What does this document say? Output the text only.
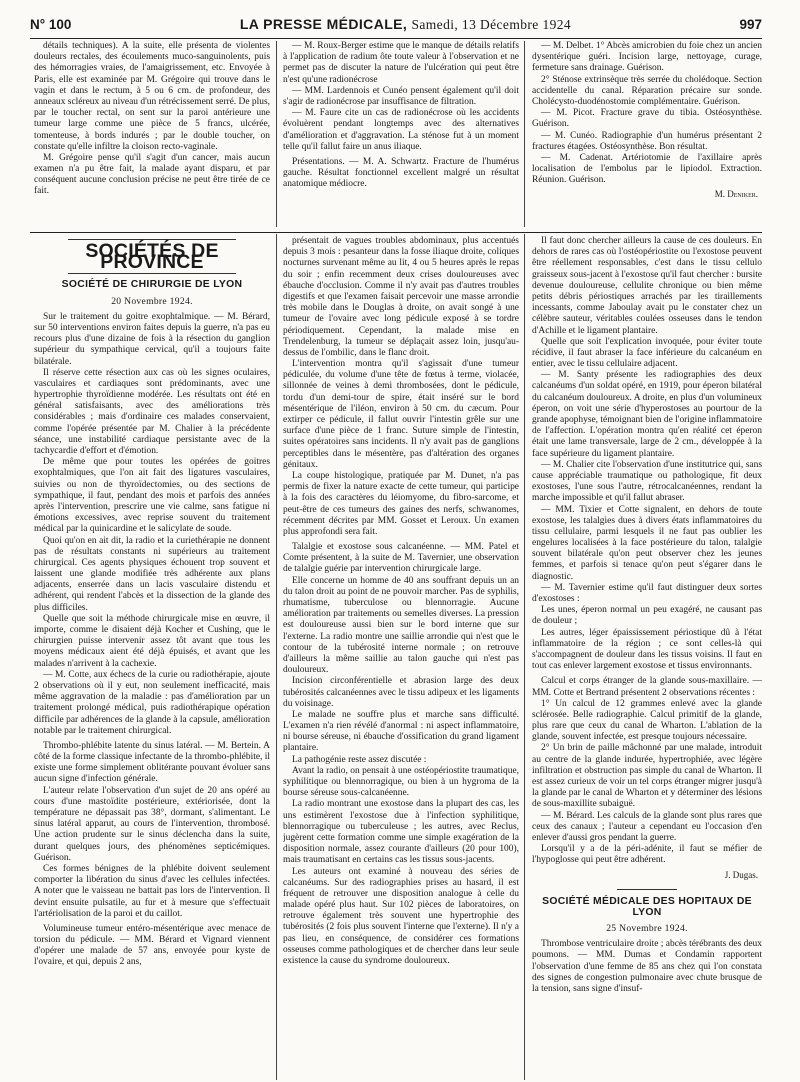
N° 100	LA PRESSE MÉDICALE, Samedi, 13 Décembre 1924	997

détails techniques). A la suite, elle présenta de violentes douleurs rectales, des écoulements muco-sanguinolents, puis des hémorragies vraies, de l'amaigrissement, etc. Envoyée à Paris, elle est examinée par M. Grégoire qui trouve dans le vagin et dans le rectum, à 5 ou 6 cm. de profondeur, des anneaux scléreux au niveau d'un rétrécissement serré. De plus, par le toucher rectal, on sent sur la paroi antérieure une tumeur large comme une pièce de 5 francs, ulcérée, tomenteuse, à bords indurés ; par le double toucher, on constate qu'elle infiltre la cloison recto-vaginale.

M. Grégoire pense qu'il s'agit d'un cancer, mais aucun examen n'a pu être fait, la malade ayant disparu, et par conséquent aucune conclusion précise ne peut être tirée de ce fait.

— M. Roux-Berger estime que le manque de détails relatifs à l'application de radium ôte toute valeur à l'observation et ne permet pas de discuter la nature de l'ulcération qui peut être n'est qu'une radionécrose

— MM. Lardennois et Cunéo pensent également qu'il doit s'agir de radionécrose par insuffisance de filtration.

— M. Faure cite un cas de radionécrose où les accidents évoluèrent pendant longtemps avec des alternatives d'amélioration et d'aggravation. La sténose fut à un moment telle qu'il fallut faire un anus iliaque.

Présentations. — M. A. Schwartz. Fracture de l'humérus gauche. Résultat fonctionnel excellent malgré un résultat anatomique médiocre.

— M. Delbet. 1° Abcès amicrobien du foie chez un ancien dysentérique guéri. Incision large, nettoyage, curage, fermeture sans drainage. Guérison.

2° Sténose extrinsèque très serrée du cholédoque. Section accidentelle du canal. Réparation précaire sur sonde. Cholécysto-duodénostomie complémentaire. Guérison.

— M. Picot. Fracture grave du tibia. Ostéosynthèse. Guérison.

— M. Cunéo. Radiographie d'un humérus présentant 2 fractures étagées. Ostéosynthèse. Bon résultat.

— M. Cadenat. Artériotomie de l'axillaire après localisation de l'embolus par le lipiodol. Extraction. Réunion. Guérison.

M. Deniker.
SOCIÉTÉS DE PROVINCE
SOCIÉTÉ DE CHIRURGIE DE LYON
20 Novembre 1924.

Sur le traitement du goitre exophtalmique. — M. Bérard, sur 50 interventions environ faites depuis la guerre, n'a pas eu recours plus d'une dizaine de fois à la résection du ganglion supérieur du sympathique cervical, qu'il a toujours faite bilatérale.

Il réserve cette résection aux cas où les signes oculaires, vasculaires et cardiaques sont prédominants, avec une hypertrophie thyroïdienne modérée. Les résultats ont été en général satisfaisants, avec des améliorations très considérables ; mais d'ordinaire ces malades conservaient, comme l'opérée présentée par M. Chalier à la précédente séance, une instabilité cardiaque persistante avec de la tachycardie d'effort et d'émotion.

De même que pour toutes les opérées de goitres exophtalmiques, que l'on ait fait des ligatures vasculaires, suivies ou non de thyroïdectomies, ou des sections de sympathique, il faut, pendant des mois et parfois des années après l'intervention, prescrire une vie calme, sans fatigue ni émotions excessives, avec reprise souvent du traitement médical par la quinicardine et le salicylate de soude.

Quoi qu'on en ait dit, la radio et la curiethérapie ne donnent pas de résultats constants ni supérieurs au traitement chirurgical. Ces agents physiques échouent trop souvent et laissent une glande modifiée très adhérente aux plans adjacents, enserrée dans un lacis vasculaire distendu et adhérent, qui rendent l'abcès et la dissection de la glande des plus difficiles.

Quelle que soit la méthode chirurgicale mise en œuvre, il importe, comme le disaient déjà Kocher et Cushing, que le chirurgien puisse intervenir assez tôt avant que tous les moyens médicaux aient été déjà épuisés, et avant que les malades n'arrivent à la cachexie.

— M. Cotte, aux échecs de la curie ou radiothérapie, ajoute 2 observations où il y eut, non seulement inefficacité, mais même aggravation de la maladie : pas d'amélioration par un traitement prolongé médical, puis radiothérapique opération difficile par adhérences de la glande à la capsule, amélioration notable par le traitement chirurgical.

Thrombo-phlébite latente du sinus latéral. — M. Bertein. A côté de la forme classique infectante de la thrombo-phlébite, il existe une forme simplement oblitérante pouvant évoluer sans aucun signe d'infection générale.

L'auteur relate l'observation d'un sujet de 20 ans opéré au cours d'une mastoïdite postérieure, extériorisée, dont la température ne dépassait pas 38°, dormant, s'alimentant. Le sinus latéral apparut, au cours de l'intervention, thrombosé. Une action prudente sur le sinus déclencha dans la suite, durant quelques jours, des phénomènes septicémiques. Guérison.

Ces formes bénignes de la phlébite doivent seulement comporter la libération du sinus d'avec les cellules infectées. A noter que le vaisseau ne battait pas lors de l'intervention. Il devint ensuite pulsatile, au fur et à mesure que s'effectuait l'artériolisation de la paroi et du caillot.

Volumineuse tumeur entéro-mésentérique avec menace de torsion du pédicule. — MM. Bérard et Vignard viennent d'opérer une malade de 57 ans, envoyée pour kyste de l'ovaire, et qui, depuis 2 ans,

présentait de vagues troubles abdominaux, plus accentués depuis 3 mois : pesanteur dans la fosse iliaque droite, coliques nocturnes survenant même au lit, 4 ou 5 heures après le repas du soir ; enfin recemment deux crises douloureuses avec ébauche d'occlusion. Comme il n'y avait pas d'autres troubles digestifs et que l'examen faisait percevoir une masse arrondie très mobile dans le Douglas à droite, on avait songé à une tumeur de l'ovaire avec long pédicule exposé à se tordre périodiquement. Cependant, la malade mise en Trendelenburg, la tumeur se déplaçait assez loin, jusqu'au-dessus de l'ombilic, dans le flanc droit.

L'intervention montra qu'il s'agissait d'une tumeur pédiculée, du volume d'une tête de fœtus à terme, violacée, sillonnée de veines à demi thrombosées, dont le pédicule, tordu d'un demi-tour de spire, était inséré sur le bord mésentérique de l'iléon, environ à 50 cm. du cæcum. Pour extirper ce pédicule, il fallut ouvrir l'intestin grêle sur une surface d'une pièce de 1 franc. Suture simple de l'intestin, suites opératoires sans incidents. Il n'y avait pas de ganglions perceptibles dans le mésentère, pas d'altération des organes génitaux.

La coupe histologique, pratiquée par M. Dunet, n'a pas permis de fixer la nature exacte de cette tumeur, qui participe à la fois des caractères du léiomyome, du fibro-sarcome, et peut-être de ces tumeurs des gaines des nerfs, schwanomes, récemment décrites par MM. Gosset et Leroux. Un examen plus approfondi sera fait.

Talalgie et exostose sous calcanéenne. — MM. Patel et Comte présentent, à la suite de M. Tavernier, une observation de talalgie guérie par intervention chirurgicale large.

Elle concerne un homme de 40 ans souffrant depuis un an du talon droit au point de ne pouvoir marcher. Pas de syphilis, rhumatisme, tuberculose ou blennorragie. Aucune amélioration par traitements ou semelles diverses. La pression est douloureuse aussi bien sur le bord interne que sur l'externe. La radio montre une saillie arrondie qui n'est que le contour de la tubérosité interne normale ; on retrouve d'ailleurs la même saillie au talon gauche qui n'est pas douloureux.

Incision circonférentielle et abrasion large des deux tubérosités calcanéennes avec le tissu adipeux et les ligaments du voisinage.

Le malade ne souffre plus et marche sans difficulté. L'examen n'a rien révélé d'anormal : ni aspect inflammatoire, ni bourse séreuse, ni ébauche d'ossification du grand ligament plantaire.

La pathogénie reste assez discutée :

Avant la radio, on pensait à une ostéopériostite traumatique, syphilitique ou blennorragique, ou bien à un hygroma de la bourse séreuse sous-calcanéenne.

La radio montrant une exostose dans la plupart des cas, les uns estimèrent l'exostose due à l'infection syphilitique, blennorragique ou tuberculeuse ; les autres, avec Reclus, jugèrent cette formation comme une simple exagération de la disposition normale, assez courante d'ailleurs (20 pour 100), mais traumatisant en certains cas les tissus sous-jacents.

Les auteurs ont examiné à nouveau des séries de calcanéums. Sur des radiographies prises au hasard, il est fréquent de retrouver une disposition analogue à celle du malade opéré plus haut. Sur 102 pièces de laboratoires, on retrouve également très souvent une hypertrophie des tubérosités (2 fois plus souvent l'interne que l'externe). Il n'y a pas lieu, en conséquence, de considérer ces formations osseuses comme pathologiques et de chercher dans leur seule existence la cause du syndrome douloureux.

Il faut donc chercher ailleurs la cause de ces douleurs. En dehors de rares cas où l'ostéopériostite ou l'exostose peuvent être réellement responsables, c'est dans le tissu cellulo graisseux sous-jacent à l'exostose qu'il faut chercher : bursite devenue douloureuse, cellulite chronique ou bien même petits débris périostiques arrachés par les tiraillements incessants, comme Jaboulay avait pu le constater chez un célèbre sauteur, véritables coulées osseuses dans le tendon d'Achille et le ligament plantaire.

Quelle que soit l'explication invoquée, pour éviter toute récidive, il faut abraser la face inférieure du calcanéum en entier, avec le tissu cellulaire adjacent.

— M. Santy présente les radiographies des deux calcanéums d'un soldat opéré, en 1919, pour éperon bilatéral du calcanéum douloureux. A droite, en plus d'un volumineux éperon, on voit une série d'hyperostoses au pourtour de la grande apophyse, témoignant bien de l'origine inflammatoire de l'affection. L'opération montra qu'en réalité cet éperon était une lame transversale, large de 2 cm., développée à la face supérieure du ligament plantaire.

— M. Chalier cite l'observation d'une institutrice qui, sans cause appréciable traumatique ou pathologique, fit deux exostoses, l'une sous l'autre, rétrocalcanéennes, rendant la marche impossible et qu'il fallut abraser.

— MM. Tixier et Cotte signalent, en dehors de toute exostose, les talalgies dues à divers états inflammatoires du tissu cellulaire, parmi lesquels il ne faut pas oublier les engelures localisées à la face postérieure du talon, talalgie souvent bilatérale qu'on peut observer chez les jeunes femmes, et parfois si tenace qu'on peut s'égarer dans le diagnostic.

— M. Tavernier estime qu'il faut distinguer deux sortes d'exostoses :

Les unes, éperon normal un peu exagéré, ne causant pas de douleur ;

Les autres, léger épaississement périostique dû à l'état inflammatoire de la région ; ce sont celles-là qui s'accompagnent de douleur dans les tissus voisins. Il faut en tout cas enlever largement exostose et tissus environnants.

Calcul et corps étranger de la glande sous-maxillaire. — MM. Cotte et Bertrand présentent 2 observations récentes :

1° Un calcul de 12 grammes enlevé avec la glande sclérosée. Belle radiographie. Calcul primitif de la glande, plus rare que ceux du canal de Wharton. L'ablation de la glande, souvent infectée, est presque toujours nécessaire.

2° Un brin de paille mâchonné par une malade, introduit au centre de la glande indurée, hypertrophiée, avec légère infiltration et obstruction pas simple du canal de Wharton. Il est assez curieux de voir un tel corps étranger migrer jusqu'à la glande par le canal de Wharton et y déterminer des lésions de sous-maxillite subaiguë.

— M. Bérard. Les calculs de la glande sont plus rares que ceux des canaux ; l'auteur a cependant eu l'occasion d'en enlever d'aussi gros pendant la guerre.

Lorsqu'il y a de la péri-adénite, il faut se méfier de l'hypoglosse qui peut être adhérent.

J. Dugas.
SOCIÉTÉ MÉDICALE DES HOPITAUX DE LYON
25 Novembre 1924.

Thrombose ventriculaire droite ; abcès térébrants des deux poumons. — MM. Dumas et Condamin rapportent l'observation d'une femme de 85 ans chez qui l'on constata des signes de congestion pulmonaire avec chute brusque de la tension, sans signe d'insuf-
